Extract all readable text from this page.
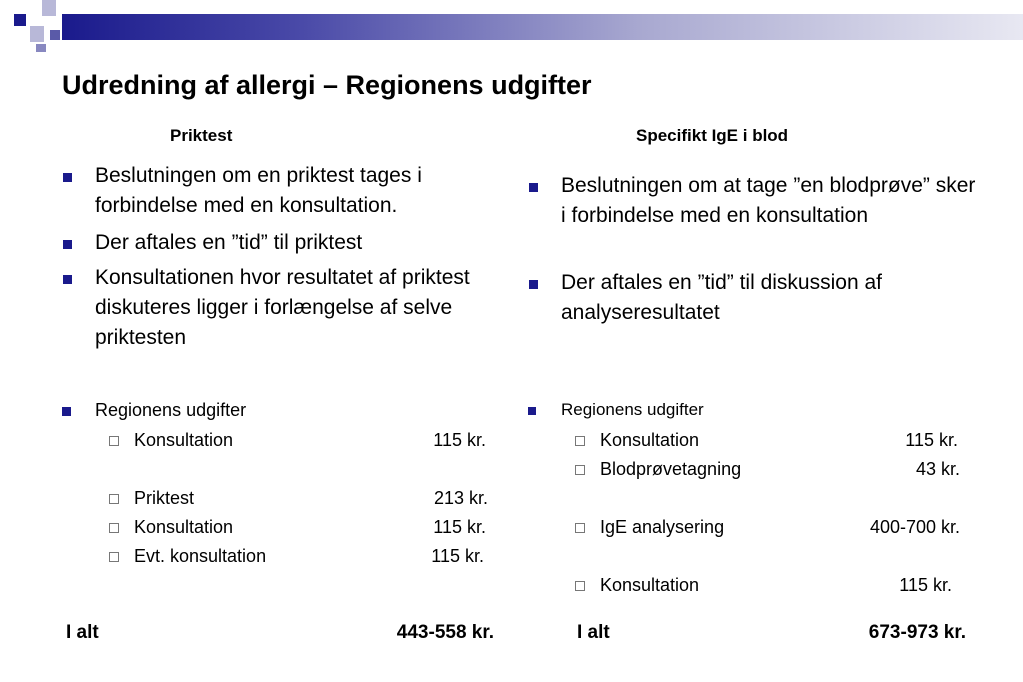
Udredning af allergi – Regionens udgifter
Priktest
Beslutningen om en priktest tages i forbindelse med en konsultation.
Der aftales en ”tid” til priktest
Konsultationen hvor resultatet af priktest diskuteres ligger i forlængelse af selve priktesten
Regionens udgifter
Konsultation	115 kr.
Priktest	213 kr.
Konsultation	115 kr.
Evt. konsultation	115 kr.
I alt	443-558 kr.
Specifikt IgE i blod
Beslutningen om at tage ”en blodprøve” sker i forbindelse med en konsultation
Der aftales en ”tid” til diskussion af analyseresultatet
Regionens udgifter
Konsultation	115 kr.
Blodprøvetagning	43 kr.
IgE analysering	400-700 kr.
Konsultation	115 kr.
I alt	673-973 kr.
